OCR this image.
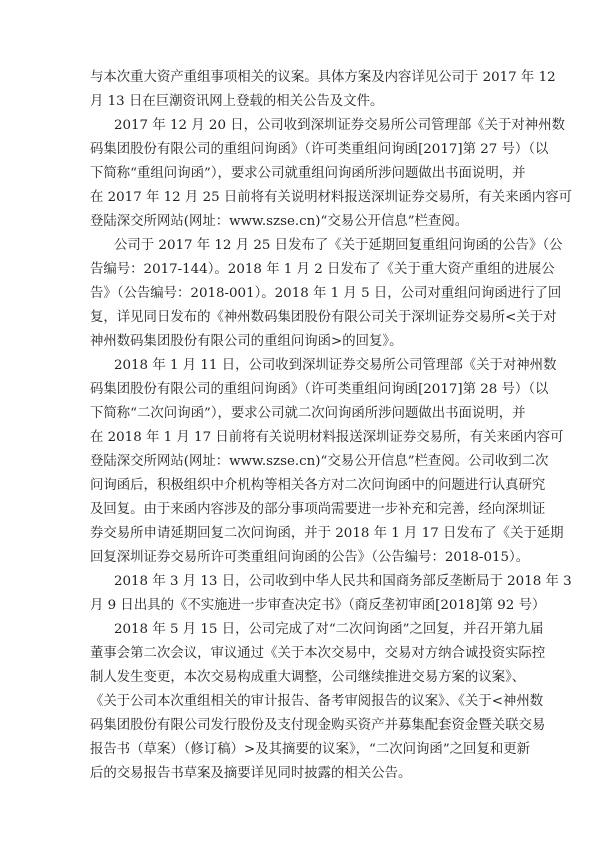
与本次重大资产重组事项相关的议案。具体方案及内容详见公司于 2017 年 12
月 13 日在巨潮资讯网上登载的相关公告及文件。
2017 年 12 月 20 日，公司收到深圳证券交易所公司管理部《关于对神州数
码集团股份有限公司的重组问询函》（许可类重组问询函[2017]第 27 号）（以
下简称“重组问询函”），要求公司就重组问询函所涉问题做出书面说明，并
在 2017 年 12 月 25 日前将有关说明材料报送深圳证券交易所，有关来函内容可
登陆深交所网站(网址：www.szse.cn)“交易公开信息”栏查阅。
公司于 2017 年 12 月 25 日发布了《关于延期回复重组问询函的公告》（公
告编号：2017-144）。2018 年 1 月 2 日发布了《关于重大资产重组的进展公
告》（公告编号：2018-001）。2018 年 1 月 5 日，公司对重组问询函进行了回
复，详见同日发布的《神州数码集团股份有限公司关于深圳证券交易所<关于对
神州数码集团股份有限公司的重组问询函>的回复》。
2018 年 1 月 11 日，公司收到深圳证券交易所公司管理部《关于对神州数
码集团股份有限公司的重组问询函》（许可类重组问询函[2017]第 28 号）（以
下简称“二次问询函”），要求公司就二次问询函所涉问题做出书面说明，并
在 2018 年 1 月 17 日前将有关说明材料报送深圳证券交易所，有关来函内容可
登陆深交所网站(网址：www.szse.cn)“交易公开信息”栏查阅。公司收到二次
问询函后，积极组织中介机构等相关各方对二次问询函中的问题进行认真研究
及回复。由于来函内容涉及的部分事项尚需要进一步补充和完善，经向深圳证
券交易所申请延期回复二次问询函，并于 2018 年 1 月 17 日发布了《关于延期
回复深圳证券交易所许可类重组问询函的公告》（公告编号：2018-015）。
2018 年 3 月 13 日，公司收到中华人民共和国商务部反垄断局于 2018 年 3
月 9 日出具的《不实施进一步审查决定书》（商反垄初审函[2018]第 92 号）
2018 年 5 月 15 日，公司完成了对“二次问询函”之回复，并召开第九届
董事会第二次会议，审议通过《关于本次交易中，交易对方纳合诚投资实际控
制人发生变更，本次交易构成重大调整，公司继续推进交易方案的议案》、
《关于公司本次重组相关的审计报告、备考审阅报告的议案》、《关于<神州数
码集团股份有限公司发行股份及支付现金购买资产并募集配套资金暨关联交易
报告书（草案）（修订稿）>及其摘要的议案》，“二次问询函”之回复和更新
后的交易报告书草案及摘要详见同时披露的相关公告。
